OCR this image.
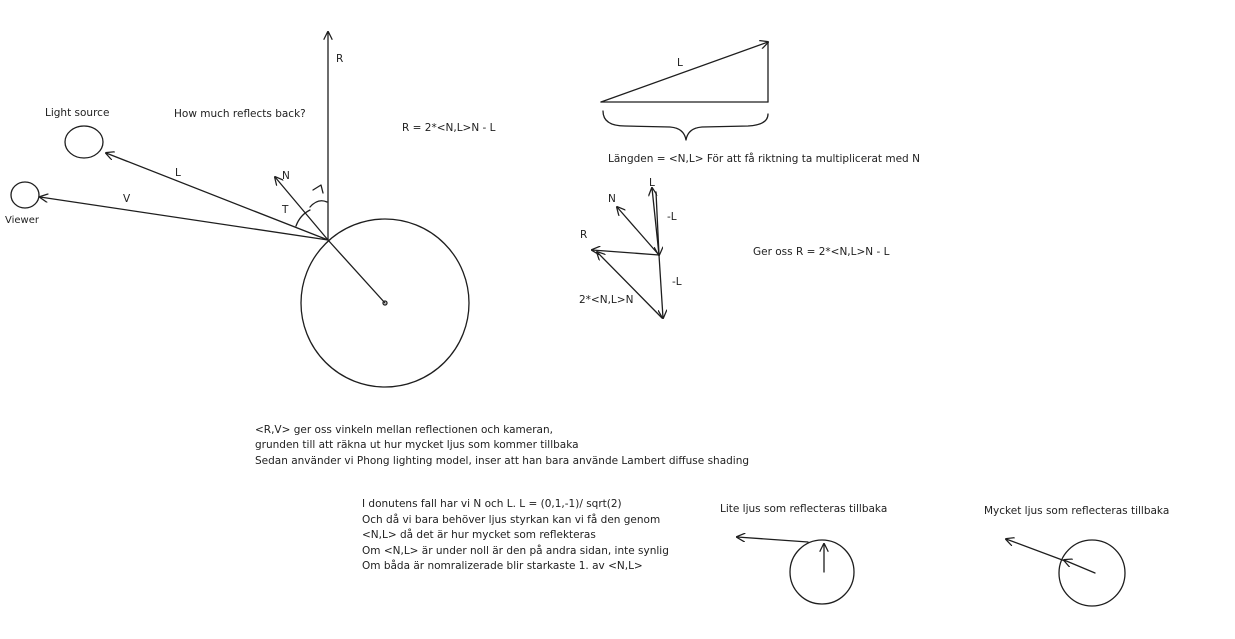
Light source
Viewer
R
L
V
N
T
How much reflects back?
R = 2*<N,L>N - L
L
Längden = <N,L> För att få riktning ta multiplicerat med N
L
N
R
-L
-L
2*<N,L>N
Ger oss R = 2*<N,L>N - L
<R,V> ger oss vinkeln mellan reflectionen och kameran, grunden till att räkna ut hur mycket ljus som kommer tillbaka Sedan använder vi Phong lighting model, inser att han bara använde Lambert diffuse shading
I donutens fall har vi N och L. L = (0,1,-1)/ sqrt(2) Och då vi bara behöver ljus styrkan kan vi få den genom <N,L> då det är hur mycket som reflekteras Om <N,L> är under noll är den på andra sidan, inte synlig Om båda är nomralizerade blir starkaste 1. av <N,L>
Lite ljus som reflecteras tillbaka	Mycket ljus som reflecteras tillbaka
